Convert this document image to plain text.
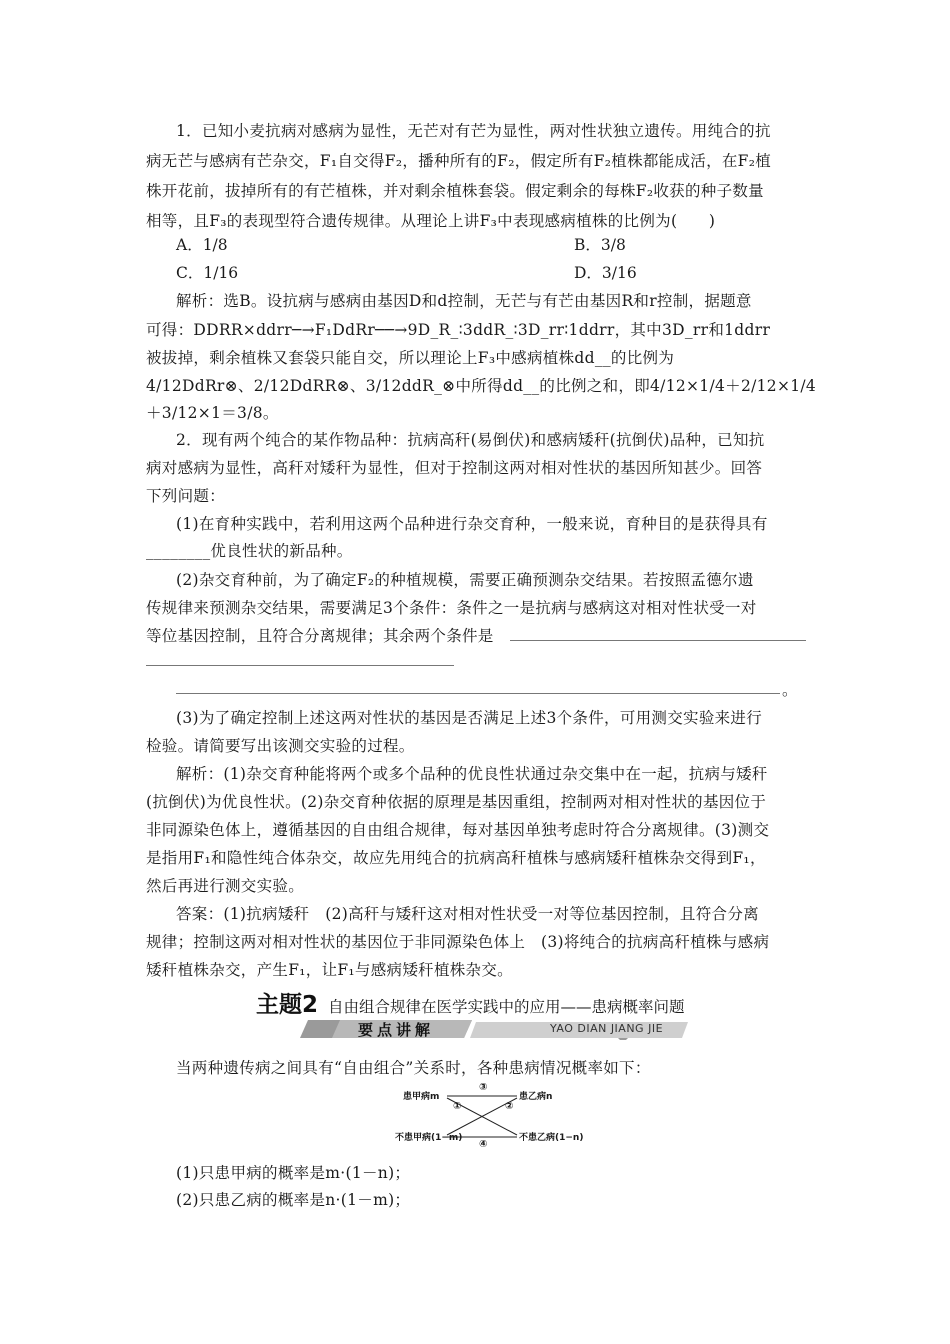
1．已知小麦抗病对感病为显性，无芒对有芒为显性，两对性状独立遗传。用纯合的抗
病无芒与感病有芒杂交，F₁自交得F₂，播种所有的F₂，假定所有F₂植株都能成活，在F₂植
株开花前，拔掉所有的有芒植株，并对剩余植株套袋。假定剩余的每株F₂收获的种子数量
相等，且F₃的表现型符合遗传规律。从理论上讲F₃中表现感病植株的比例为(　　)
A．1/8	B．3/8
C．1/16	D．3/16
解析：选B。设抗病与感病由基因D和d控制，无芒与有芒由基因R和r控制，据题意
可得：DDRR×ddrr─→F₁DdRr──→9D_R_∶3ddR_∶3D_rr∶1ddrr，其中3D_rr和1ddrr
被拔掉，剩余植株又套袋只能自交，所以理论上F₃中感病植株dd__的比例为
4/12DdRr⊗、2/12DdRR⊗、3/12ddR_⊗中所得dd__的比例之和，即4/12×1/4＋2/12×1/4
＋3/12×1＝3/8。
2．现有两个纯合的某作物品种：抗病高秆(易倒伏)和感病矮秆(抗倒伏)品种，已知抗
病对感病为显性，高秆对矮秆为显性，但对于控制这两对相对性状的基因所知甚少。回答
下列问题：
(1)在育种实践中，若利用这两个品种进行杂交育种，一般来说，育种目的是获得具有
________优良性状的新品种。
(2)杂交育种前，为了确定F₂的种植规模，需要正确预测杂交结果。若按照孟德尔遗
传规律来预测杂交结果，需要满足3个条件：条件之一是抗病与感病这对相对性状受一对
等位基因控制，且符合分离规律；其余两个条件是
。
(3)为了确定控制上述这两对性状的基因是否满足上述3个条件，可用测交实验来进行
检验。请简要写出该测交实验的过程。
解析：(1)杂交育种能将两个或多个品种的优良性状通过杂交集中在一起，抗病与矮秆
(抗倒伏)为优良性状。(2)杂交育种依据的原理是基因重组，控制两对相对性状的基因位于
非同源染色体上，遵循基因的自由组合规律，每对基因单独考虑时符合分离规律。(3)测交
是指用F₁和隐性纯合体杂交，故应先用纯合的抗病高秆植株与感病矮秆植株杂交得到F₁，
然后再进行测交实验。
答案：(1)抗病矮秆　(2)高秆与矮秆这对相对性状受一对等位基因控制，且符合分离
规律；控制这两对相对性状的基因位于非同源染色体上　(3)将纯合的抗病高秆植株与感病
矮秆植株杂交，产生F₁，让F₁与感病矮秆植株杂交。
主题2 自由组合规律在医学实践中的应用——患病概率问题
要点讲解	YAO DIAN JIANG JIE
当两种遗传病之间具有“自由组合”关系时，各种患病情况概率如下：
患甲病m	患乙病n
不患甲病(1−m)	不患乙病(1−n)
③
①	②
④
(1)只患甲病的概率是m·(1－n)；
(2)只患乙病的概率是n·(1－m)；
